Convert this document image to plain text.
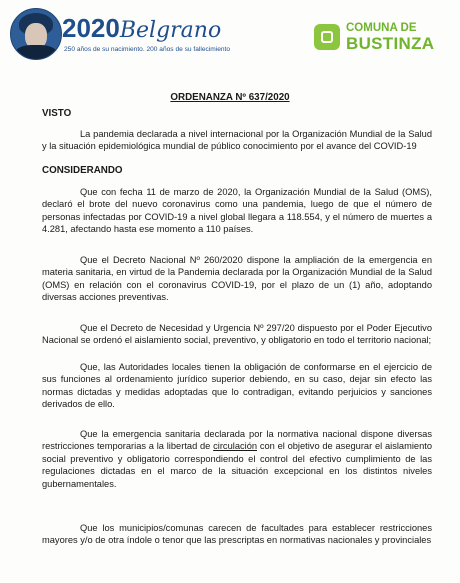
2020Belgrano
250 años de su nacimiento. 200 años de su fallecimiento
COMUNA DE
BUSTINZA
ORDENANZA Nº 637/2020
VISTO
La pandemia declarada a nivel internacional por la Organización Mundial de la Salud y la situación epidemiológica mundial de público conocimiento por el avance del COVID-19
CONSIDERANDO
Que con fecha 11 de marzo de 2020, la Organización Mundial de la Salud (OMS), declaró el brote del nuevo coronavirus como una pandemia, luego de que el número de personas infectadas por COVID-19 a nivel global llegara a 118.554, y el número de muertes a 4.281, afectando hasta ese momento a 110 países.
Que el Decreto Nacional Nº 260/2020 dispone la ampliación de la emergencia en materia sanitaria, en virtud de la Pandemia declarada por la Organización Mundial de la Salud (OMS) en relación con el coronavirus COVID-19, por el plazo de un (1) año, adoptando diversas acciones preventivas.
Que el Decreto de Necesidad y Urgencia Nº 297/20 dispuesto por el Poder Ejecutivo Nacional se ordenó el aislamiento social, preventivo, y obligatorio en todo el territorio nacional;
Que, las Autoridades locales tienen la obligación de conformarse en el ejercicio de sus funciones al ordenamiento jurídico superior debiendo, en su caso, dejar sin efecto las normas dictadas y medidas adoptadas que lo contradigan, evitando perjuicios y sanciones derivados de ello.
Que la emergencia sanitaria declarada por la normativa nacional dispone diversas restricciones temporarias a la libertad de circulación con el objetivo de asegurar el aislamiento social preventivo y obligatorio correspondiendo el control del efectivo cumplimiento de las regulaciones dictadas en el marco de la situación excepcional en los distintos niveles gubernamentales.
Que los municipios/comunas carecen de facultades para establecer restricciones mayores y/o de otra índole o tenor que las prescriptas en normativas nacionales y provinciales
